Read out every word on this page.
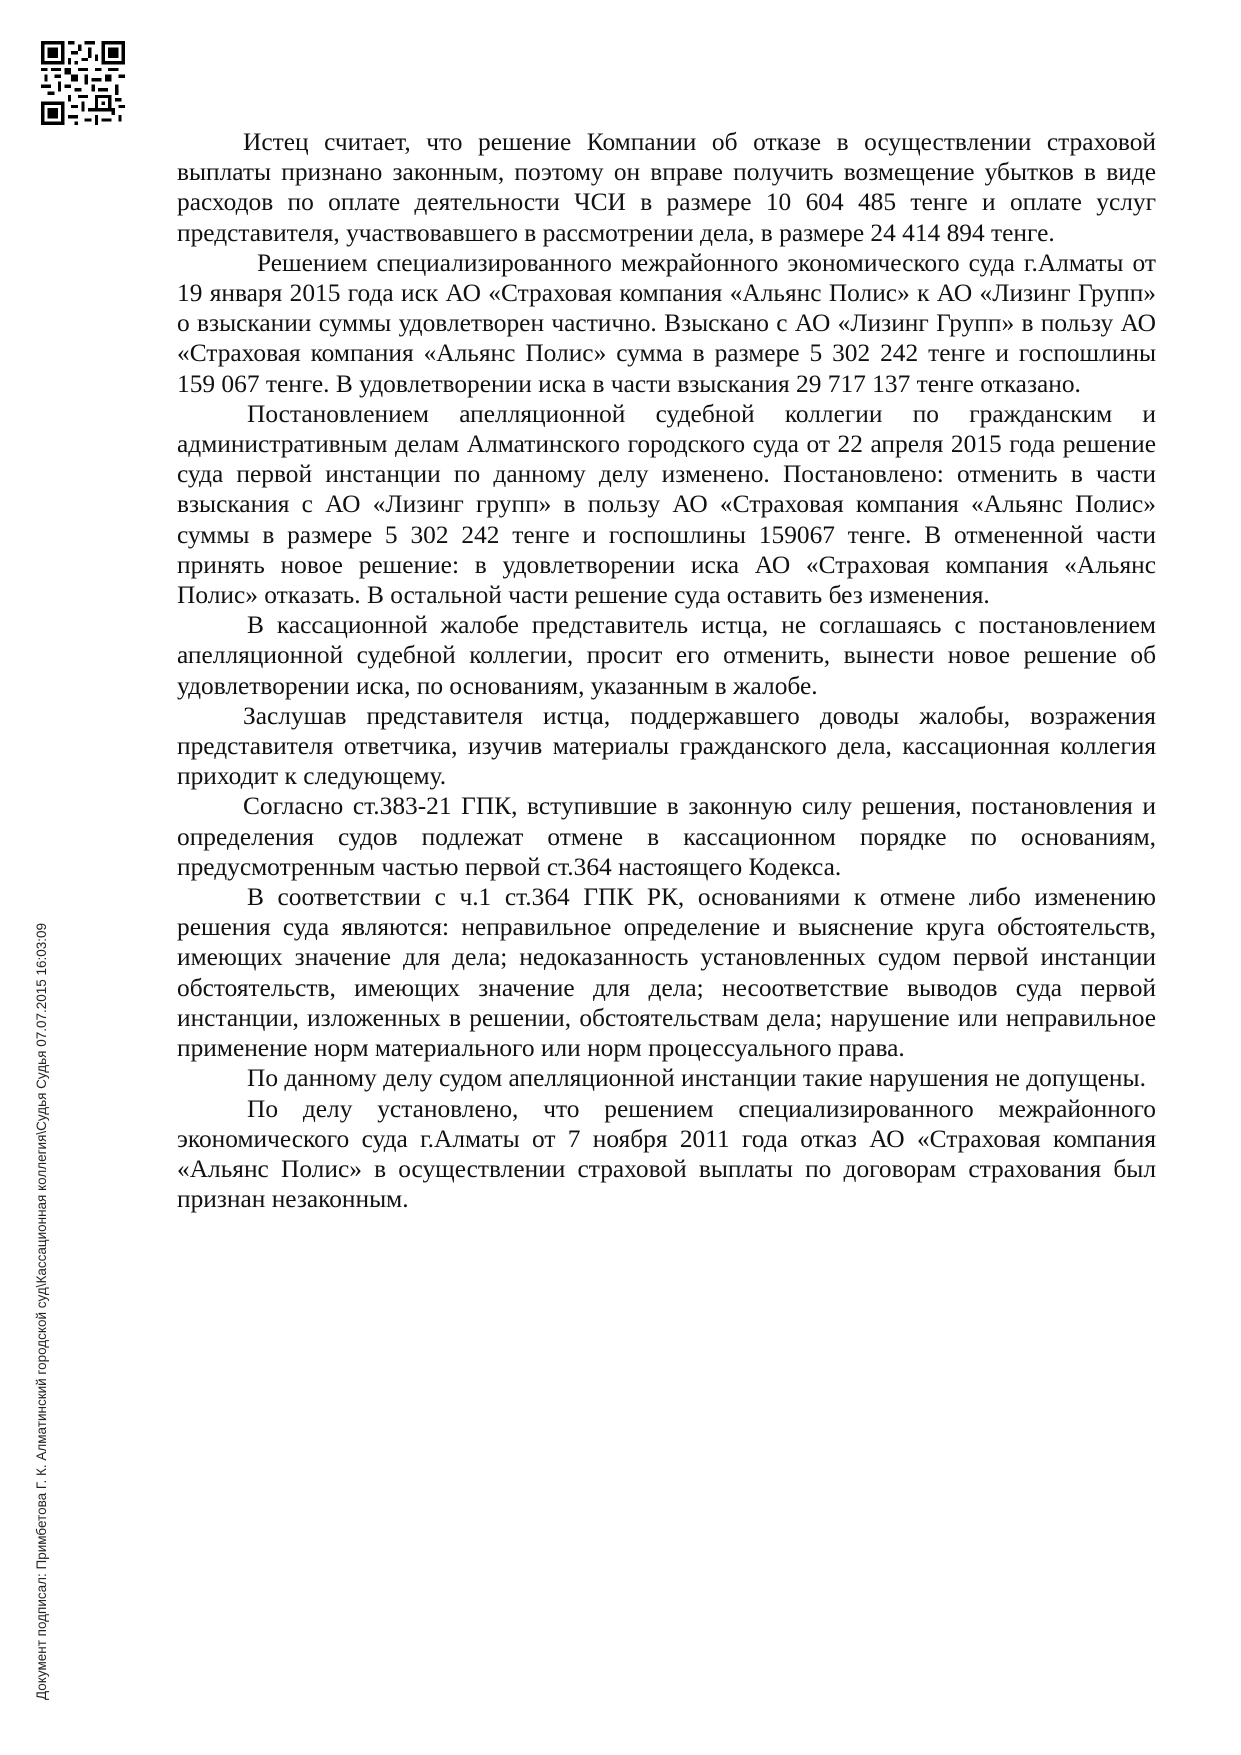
Документ подписал: Примбетова Г. К. Алматинский городской суд\Кассационная коллегия\Судья Судья 07.07.2015 16:03:09

Истец считает, что решение Компании об отказе в осуществлении страховой выплаты признано законным, поэтому он вправе получить возмещение убытков в виде расходов по оплате деятельности ЧСИ в размере 10 604 485 тенге и оплате услуг представителя, участвовавшего в рассмотрении дела, в размере 24 414 894 тенге.

Решением специализированного межрайонного экономического суда г.Алматы от 19 января 2015 года иск АО «Страховая компания «Альянс Полис» к АО «Лизинг Групп» о взыскании суммы удовлетворен частично. Взыскано с АО «Лизинг Групп» в пользу АО «Страховая компания «Альянс Полис» сумма в размере 5 302 242 тенге и госпошлины 159 067 тенге. В удовлетворении иска в части взыскания 29 717 137 тенге отказано.

Постановлением апелляционной судебной коллегии по гражданским и административным делам Алматинского городского суда от 22 апреля 2015 года решение суда первой инстанции по данному делу изменено. Постановлено: отменить в части взыскания с АО «Лизинг групп» в пользу АО «Страховая компания «Альянс Полис» суммы в размере 5 302 242 тенге и госпошлины 159067 тенге. В отмененной части принять новое решение: в удовлетворении иска АО «Страховая компания «Альянс Полис» отказать. В остальной части решение суда оставить без изменения.

В кассационной жалобе представитель истца, не соглашаясь с постановлением апелляционной судебной коллегии, просит его отменить, вынести новое решение об удовлетворении иска, по основаниям, указанным в жалобе.

Заслушав представителя истца, поддержавшего доводы жалобы, возражения представителя ответчика, изучив материалы гражданского дела, кассационная коллегия приходит к следующему.

Согласно ст.383-21 ГПК, вступившие в законную силу решения, постановления и определения судов подлежат отмене в кассационном порядке по основаниям, предусмотренным частью первой ст.364 настоящего Кодекса.

В соответствии с ч.1 ст.364 ГПК РК, основаниями к отмене либо изменению решения суда являются: неправильное определение и выяснение круга обстоятельств, имеющих значение для дела; недоказанность установленных судом первой инстанции обстоятельств, имеющих значение для дела; несоответствие выводов суда первой инстанции, изложенных в решении, обстоятельствам дела; нарушение или неправильное применение норм материального или норм процессуального права.

По данному делу судом апелляционной инстанции такие нарушения не допущены.

По делу установлено, что решением специализированного межрайонного экономического суда г.Алматы от 7 ноября 2011 года отказ АО «Страховая компания «Альянс Полис» в осуществлении страховой выплаты по договорам страхования был признан незаконным.
